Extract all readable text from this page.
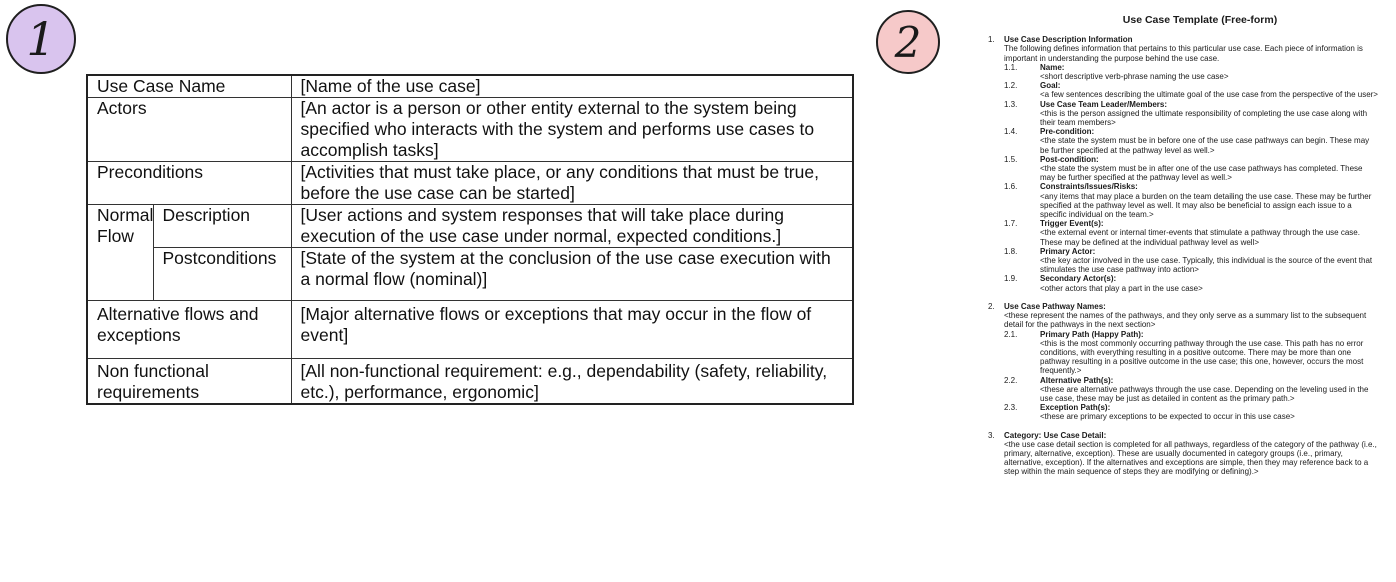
1	2
Use Case Name		[Name of the use case]
Actors		[An actor is a person or other entity external to the system being specified who interacts with the system and performs use cases to accomplish tasks]
Preconditions		[Activities that must take place, or any conditions that must be true, before the use case can be started]
Normal Flow	Description	[User actions and system responses that will take place during execution of the use case under normal, expected conditions.]
	Postconditions	[State of the system at the conclusion of the use case execution with a normal flow (nominal)]
Alternative flows and exceptions		[Major alternative flows or exceptions that may occur in the flow of event]
Non functional requirements		[All non-functional requirement: e.g., dependability (safety, reliability, etc.), performance, ergonomic]
Use Case Template (Free-form)
1.	Use Case Description Information
The following defines information that pertains to this particular use case. Each piece of information is important in understanding the purpose behind the use case.
1.1.	Name:
<short descriptive verb-phrase naming the use case>
1.2.	Goal:
<a few sentences describing the ultimate goal of the use case from the perspective of the user>
1.3.	Use Case Team Leader/Members:
<this is the person assigned the ultimate responsibility of completing the use case along with their team members>
1.4.	Pre-condition:
<the state the system must be in before one of the use case pathways can begin. These may be further specified at the pathway level as well.>
1.5.	Post-condition:
<the state the system must be in after one of the use case pathways has completed. These may be further specified at the pathway level as well.>
1.6.	Constraints/Issues/Risks:
<any items that may place a burden on the team detailing the use case. These may be further specified at the pathway level as well. It may also be beneficial to assign each issue to a specific individual on the team.>
1.7.	Trigger Event(s):
<the external event or internal timer-events that stimulate a pathway through the use case. These may be defined at the individual pathway level as well>
1.8.	Primary Actor:
<the key actor involved in the use case. Typically, this individual is the source of the event that stimulates the use case pathway into action>
1.9.	Secondary Actor(s):
<other actors that play a part in the use case>
2.	Use Case Pathway Names:
<these represent the names of the pathways, and they only serve as a summary list to the subsequent detail for the pathways in the next section>
2.1.	Primary Path (Happy Path):
<this is the most commonly occurring pathway through the use case. This path has no error conditions, with everything resulting in a positive outcome. There may be more than one pathway resulting in a positive outcome in the use case; this one, however, occurs the most frequently.>
2.2.	Alternative Path(s):
<these are alternative pathways through the use case. Depending on the leveling used in the use case, these may be just as detailed in content as the primary path.>
2.3.	Exception Path(s):
<these are primary exceptions to be expected to occur in this use case>
3.	Category: Use Case Detail:
<the use case detail section is completed for all pathways, regardless of the category of the pathway (i.e., primary, alternative, exception). These are usually documented in category groups (i.e., primary, alternative, exception). If the alternatives and exceptions are simple, then they may reference back to a step within the main sequence of steps they are modifying or defining).>
